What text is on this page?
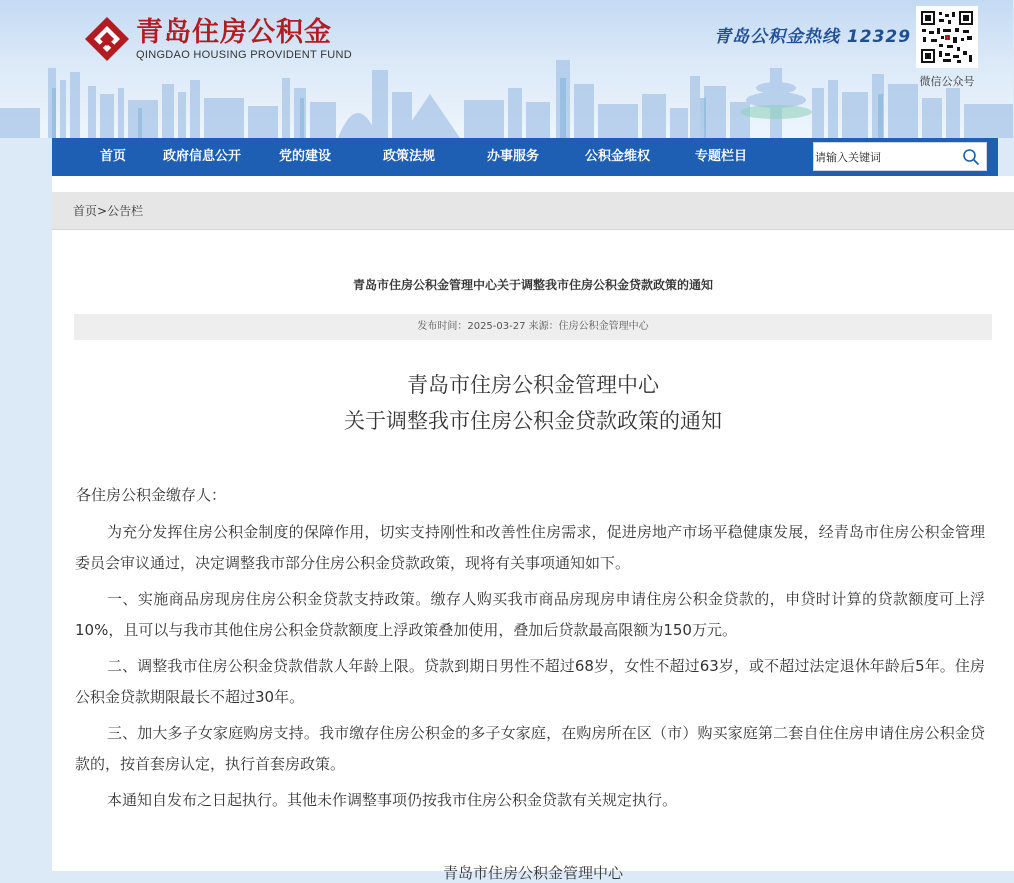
青岛住房公积金
QINGDAO HOUSING PROVIDENT FUND
青岛公积金热线 12329
微信公众号
首页	政府信息公开	党的建设	政策法规	办事服务	公积金维权	专题栏目
请输入关键词
首页>公告栏
青岛市住房公积金管理中心关于调整我市住房公积金贷款政策的通知
发布时间：2025-03-27 来源：住房公积金管理中心
青岛市住房公积金管理中心
关于调整我市住房公积金贷款政策的通知
各住房公积金缴存人：

为充分发挥住房公积金制度的保障作用，切实支持刚性和改善性住房需求，促进房地产市场平稳健康发展，经青岛市住房公积金管理委员会审议通过，决定调整我市部分住房公积金贷款政策，现将有关事项通知如下。

一、实施商品房现房住房公积金贷款支持政策。缴存人购买我市商品房现房申请住房公积金贷款的，申贷时计算的贷款额度可上浮10%，且可以与我市其他住房公积金贷款额度上浮政策叠加使用，叠加后贷款最高限额为150万元。

二、调整我市住房公积金贷款借款人年龄上限。贷款到期日男性不超过68岁，女性不超过63岁，或不超过法定退休年龄后5年。住房公积金贷款期限最长不超过30年。

三、加大多子女家庭购房支持。我市缴存住房公积金的多子女家庭，在购房所在区（市）购买家庭第二套自住住房申请住房公积金贷款的，按首套房认定，执行首套房政策。

本通知自发布之日起执行。其他未作调整事项仍按我市住房公积金贷款有关规定执行。

青岛市住房公积金管理中心
